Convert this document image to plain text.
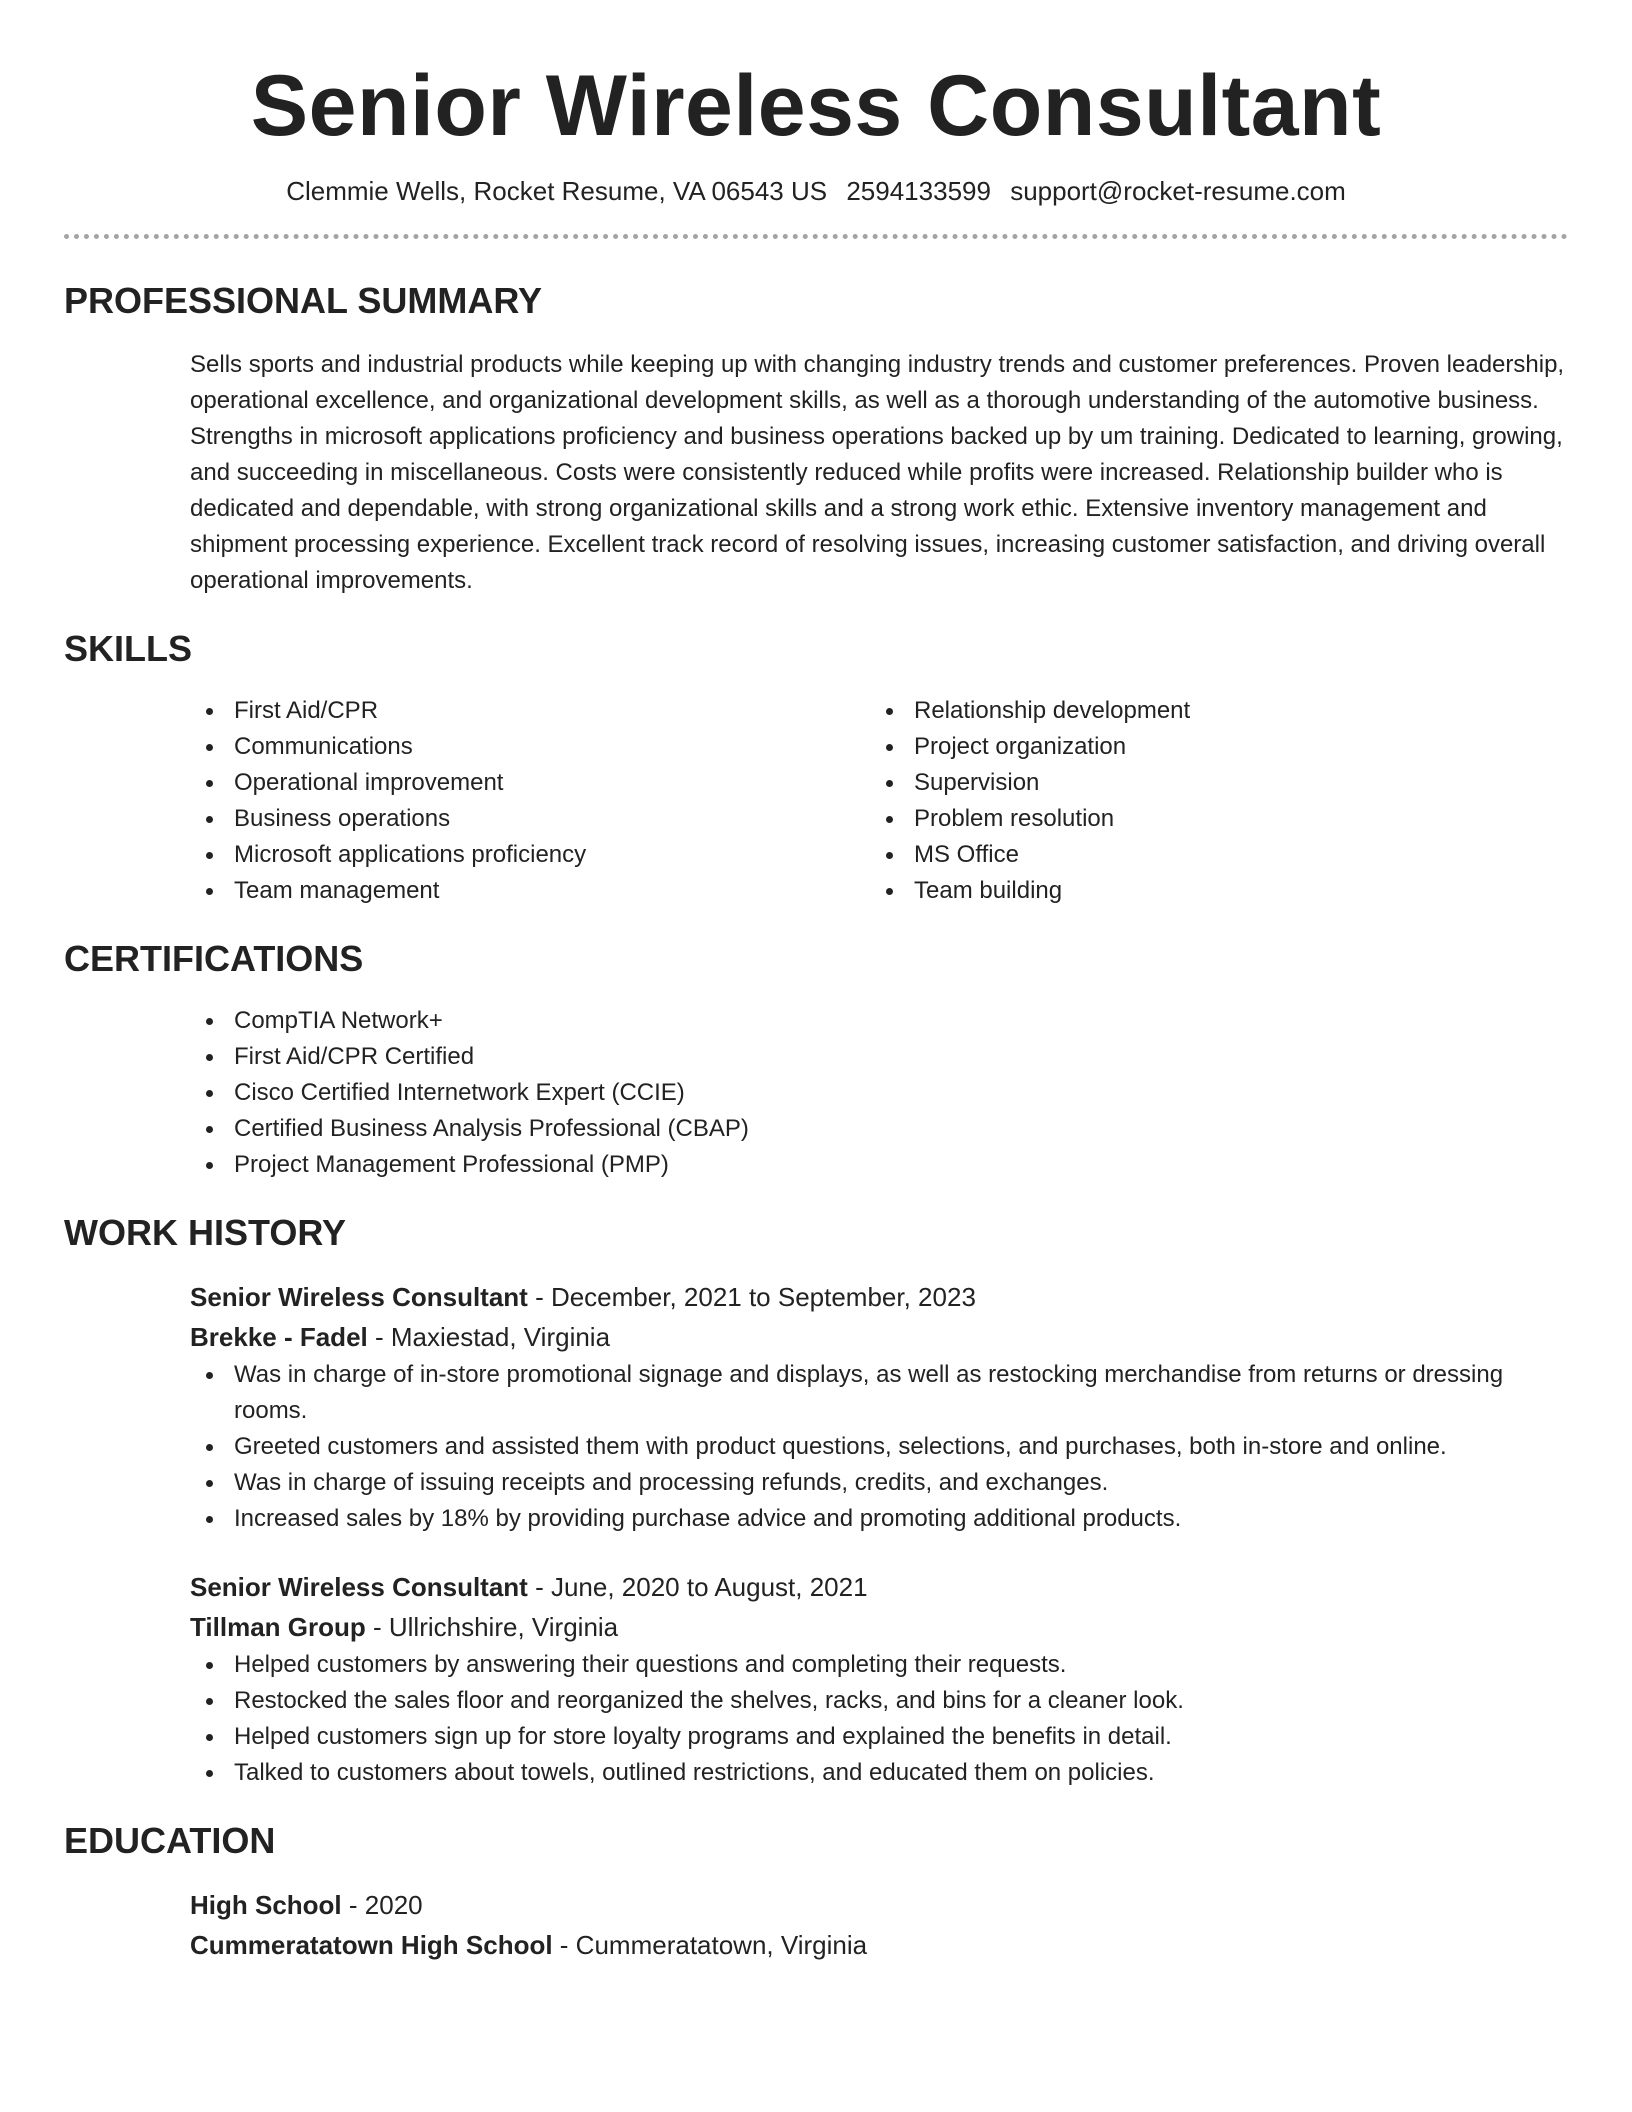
Senior Wireless Consultant
Clemmie Wells, Rocket Resume, VA 06543 US 2594133599 support@rocket-resume.com
PROFESSIONAL SUMMARY
Sells sports and industrial products while keeping up with changing industry trends and customer preferences. Proven leadership, operational excellence, and organizational development skills, as well as a thorough understanding of the automotive business. Strengths in microsoft applications proficiency and business operations backed up by um training. Dedicated to learning, growing, and succeeding in miscellaneous. Costs were consistently reduced while profits were increased. Relationship builder who is dedicated and dependable, with strong organizational skills and a strong work ethic. Extensive inventory management and shipment processing experience. Excellent track record of resolving issues, increasing customer satisfaction, and driving overall operational improvements.
SKILLS
First Aid/CPR
Communications
Operational improvement
Business operations
Microsoft applications proficiency
Team management
Relationship development
Project organization
Supervision
Problem resolution
MS Office
Team building
CERTIFICATIONS
CompTIA Network+
First Aid/CPR Certified
Cisco Certified Internetwork Expert (CCIE)
Certified Business Analysis Professional (CBAP)
Project Management Professional (PMP)
WORK HISTORY
Senior Wireless Consultant - December, 2021 to September, 2023
Brekke - Fadel - Maxiestad, Virginia
Was in charge of in-store promotional signage and displays, as well as restocking merchandise from returns or dressing rooms.
Greeted customers and assisted them with product questions, selections, and purchases, both in-store and online.
Was in charge of issuing receipts and processing refunds, credits, and exchanges.
Increased sales by 18% by providing purchase advice and promoting additional products.
Senior Wireless Consultant - June, 2020 to August, 2021
Tillman Group - Ullrichshire, Virginia
Helped customers by answering their questions and completing their requests.
Restocked the sales floor and reorganized the shelves, racks, and bins for a cleaner look.
Helped customers sign up for store loyalty programs and explained the benefits in detail.
Talked to customers about towels, outlined restrictions, and educated them on policies.
EDUCATION
High School - 2020
Cummeratatown High School - Cummeratatown, Virginia
